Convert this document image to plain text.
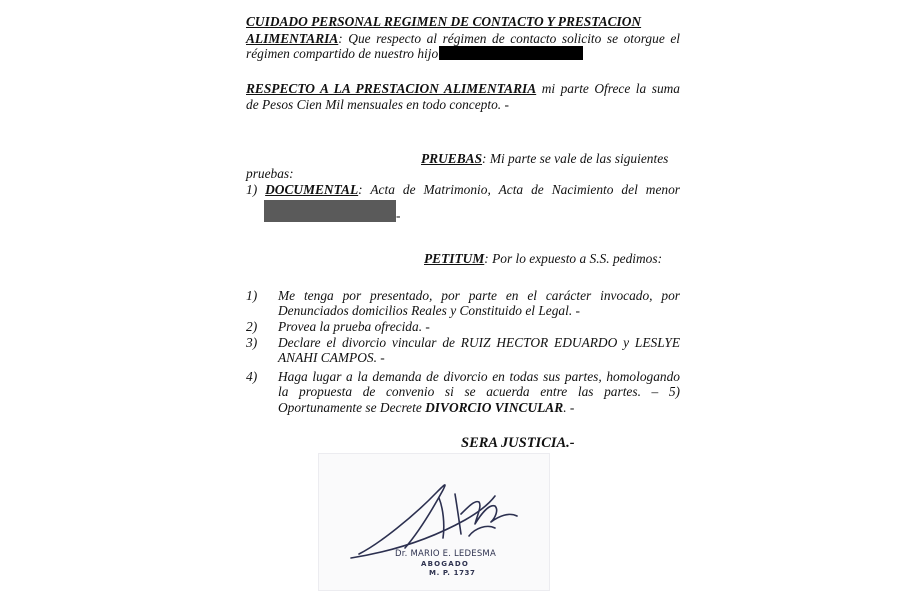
CUIDADO PERSONAL REGIMEN DE CONTACTO Y PRESTACION
ALIMENTARIA: Que respecto al régimen de contacto solicito se otorgue el
régimen compartido de nuestro hijo
RESPECTO A LA PRESTACION ALIMENTARIA mi parte Ofrece la suma
de Pesos Cien Mil mensuales en todo concepto. -
PRUEBAS: Mi parte se vale de las siguientes
pruebas:
1) DOCUMENTAL: Acta de Matrimonio, Acta de Nacimiento del menor
-
PETITUM: Por lo expuesto a S.S. pedimos:
1) Me tenga por presentado, por parte en el carácter invocado, por
Denunciados domicilios Reales y Constituido el Legal. -
2) Provea la prueba ofrecida. -
3) Declare el divorcio vincular de RUIZ HECTOR EDUARDO y LESLYE
ANAHI CAMPOS. -
4) Haga lugar a la demanda de divorcio en todas sus partes, homologando
la propuesta de convenio si se acuerda entre las partes. – 5)
Oportunamente se Decrete DIVORCIO VINCULAR. -
SERA JUSTICIA.-
Dr. MARIO E. LEDESMA
ABOGADO
M. P. 1737
